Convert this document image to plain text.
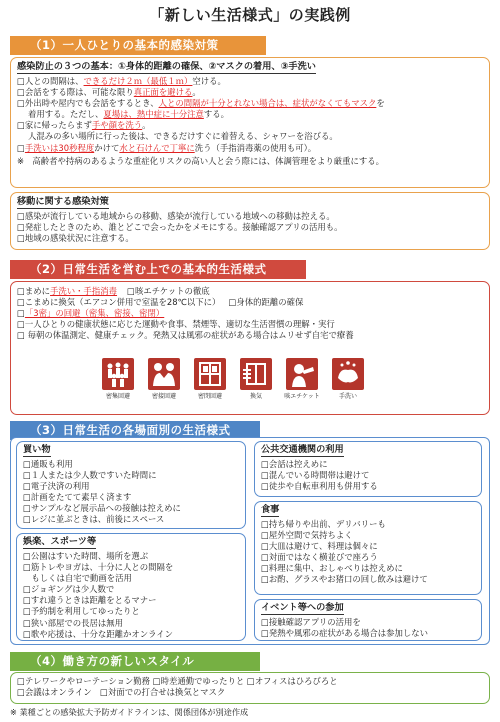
「新しい生活様式」の実践例
（1）一人ひとりの基本的感染対策
感染防止の３つの基本：①身体的距離の確保、②マスクの着用、③手洗い
□人との間隔は、できるだけ２ｍ（最低１ｍ）空ける。
□会話をする際は、可能な限り真正面を避ける。
□外出時や屋内でも会話をするとき、人との間隔が十分とれない場合は、症状がなくてもマスクを
着用する。ただし、夏場は、熱中症に十分注意する。
□家に帰ったらまず手や顔を洗う。
人混みの多い場所に行った後は、できるだけすぐに着替える、シャワーを浴びる。
□手洗いは30秒程度かけて水と石けんで丁寧に洗う（手指消毒薬の使用も可）。
※　高齢者や持病のあるような重症化リスクの高い人と会う際には、体調管理をより厳重にする。
移動に関する感染対策
□感染が流行している地域からの移動、感染が流行している地域への移動は控える。
□発症したときのため、誰とどこで会ったかをメモにする。接触確認アプリの活用も。
□地域の感染状況に注意する。
（2）日常生活を営む上での基本的生活様式
□まめに手洗い・手指消毒 □咳エチケットの徹底
□こまめに換気（エアコン併用で室温を28℃以下に） □身体的距離の確保
□「3密」の回避（密集、密接、密閉）
□一人ひとりの健康状態に応じた運動や食事、禁煙等、適切な生活習慣の理解・実行
□ 毎朝の体温測定、健康チェック。発熱又は風邪の症状がある場合はムリせず自宅で療養
密集回避	密接回避	密閉回避	換気	咳エチケット	手洗い
（3）日常生活の各場面別の生活様式
買い物
□通販も利用
□１人または少人数ですいた時間に
□電子決済の利用
□計画をたてて素早く済ます
□サンプルなど展示品への接触は控えめに
□レジに並ぶときは、前後にスペース
娯楽、スポーツ等
□公園はすいた時間、場所を選ぶ
□筋トレやヨガは、十分に人との間隔を
　もしくは自宅で動画を活用
□ジョギングは少人数で
□すれ違うときは距離をとるマナー
□予約制を利用してゆったりと
□狭い部屋での長居は無用
□歌や応援は、十分な距離かオンライン
公共交通機関の利用
□会話は控えめに
□混んでいる時間帯は避けて
□徒歩や自転車利用も併用する
食事
□持ち帰りや出前、デリバリーも
□屋外空間で気持ちよく
□大皿は避けて、料理は個々に
□対面ではなく横並びで座ろう
□料理に集中、おしゃべりは控えめに
□お酌、グラスやお猪口の回し飲みは避けて
イベント等への参加
□接触確認アプリの活用を
□発熱や風邪の症状がある場合は参加しない
（4）働き方の新しいスタイル
□テレワークやローテーション勤務 □時差通勤でゆったりと □オフィスはひろびろと
□会議はオンライン　□対面での打合せは換気とマスク
※ 業種ごとの感染拡大予防ガイドラインは、関係団体が別途作成
